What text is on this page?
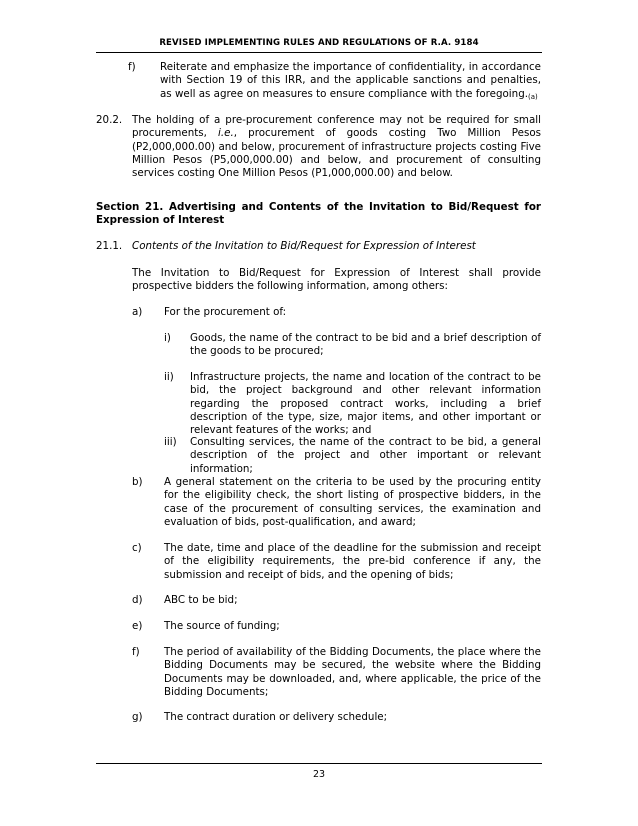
REVISED IMPLEMENTING RULES AND REGULATIONS OF R.A. 9184
f) Reiterate and emphasize the importance of confidentiality, in accordance with Section 19 of this IRR, and the applicable sanctions and penalties, as well as agree on measures to ensure compliance with the $foregoing._{(a)}$
20.2. The holding of a pre-procurement conference may not be required for small procurements, i.e., procurement of goods costing Two Million Pesos (P2,000,000.00) and below, procurement of infrastructure projects costing Five Million Pesos (P5,000,000.00) and below, and procurement of consulting services costing One Million Pesos (P1,000,000.00) and below.
Section 21. Advertising and Contents of the Invitation to Bid/Request for Expression of Interest
21.1. Contents of the Invitation to Bid/Request for Expression of Interest
The Invitation to Bid/Request for Expression of Interest shall provide prospective bidders the following information, among others:
a) For the procurement of:
i) Goods, the name of the contract to be bid and a brief description of the goods to be procured;
ii) Infrastructure projects, the name and location of the contract to be bid, the project background and other relevant information regarding the proposed contract works, including a brief description of the type, size, major items, and other important or relevant features of the works; and
iii) Consulting services, the name of the contract to be bid, a general description of the project and other important or relevant information;
b) A general statement on the criteria to be used by the procuring entity for the eligibility check, the short listing of prospective bidders, in the case of the procurement of consulting services, the examination and evaluation of bids, post-qualification, and award;
c) The date, time and place of the deadline for the submission and receipt of the eligibility requirements, the pre-bid conference if any, the submission and receipt of bids, and the opening of bids;
d) ABC to be bid;
e) The source of funding;
f) The period of availability of the Bidding Documents, the place where the Bidding Documents may be secured, the website where the Bidding Documents may be downloaded, and, where applicable, the price of the Bidding Documents;
g) The contract duration or delivery schedule;
23
